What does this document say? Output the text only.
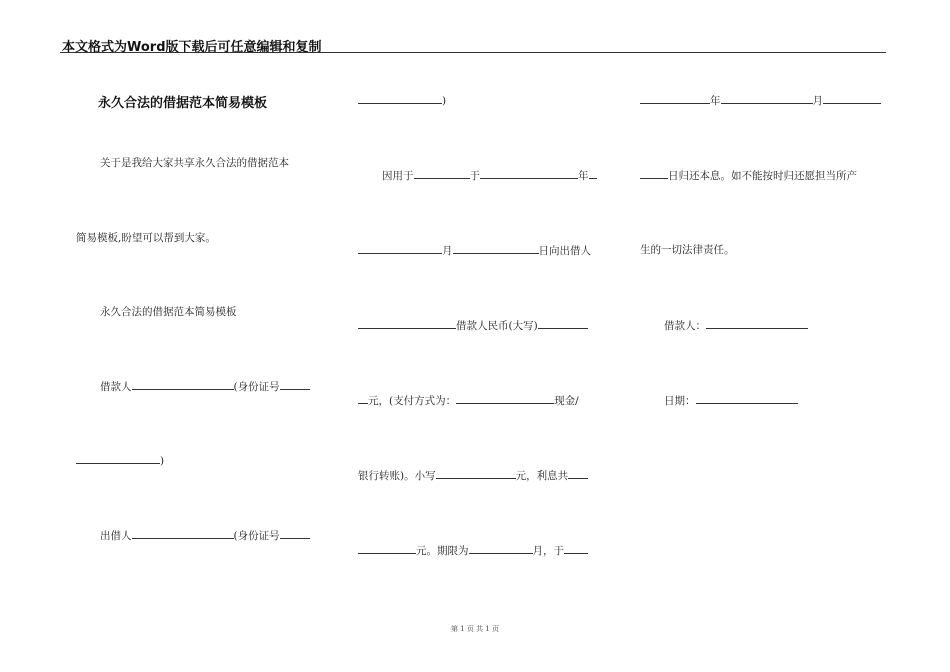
本文格式为Word版下载后可任意编辑和复制
永久合法的借据范本简易模板
关于是我给大家共享永久合法的借据范本
简易模板,盼望可以帮到大家。
永久合法的借据范本简易模板
借款人	(身份证号
)
出借人	(身份证号
)
因用于	于	年
月	日向出借人
借款人民币(大写)
元，(支付方式为：	现金/
银行转账)。小写	元，利息共
元。期限为	月，于
年	月
日归还本息。如不能按时归还愿担当所产
生的一切法律责任。
借款人：
日期：
第 1 页 共 1 页
